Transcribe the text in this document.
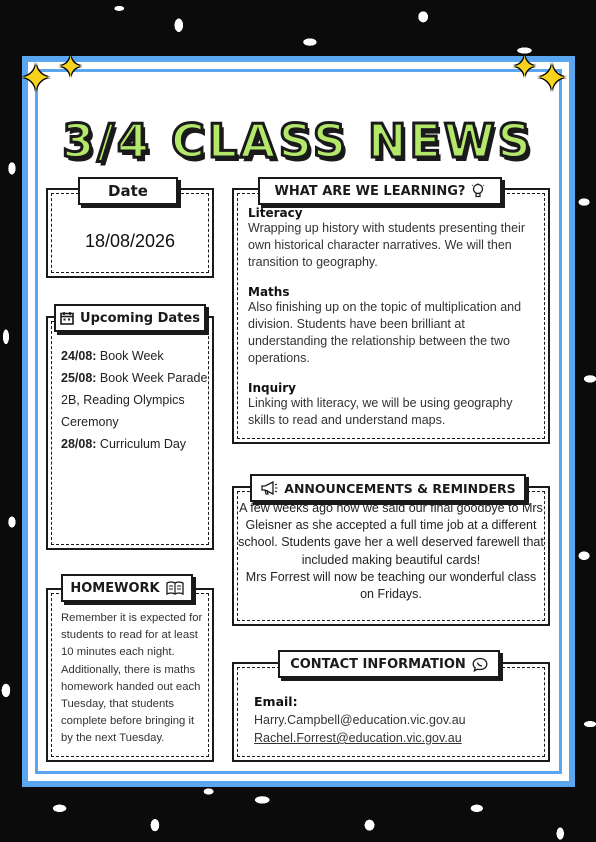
✦ ✦	✦
✦
3/4 CLASS NEWS
Date
18/08/2026
Upcoming Dates
24/08: Book Week
25/08: Book Week Parade 2B, Reading Olympics Ceremony
28/08: Curriculum Day
HOMEWORK
Remember it is expected for students to read for at least 10 minutes each night. Additionally, there is maths homework handed out each Tuesday, that students complete before bringing it by the next Tuesday.
WHAT ARE WE LEARNING?
Literacy
Wrapping up history with students presenting their own historical character narratives. We will then transition to geography.
Maths
Also finishing up on the topic of multiplication and division. Students have been brilliant at understanding the relationship between the two operations.
Inquiry
Linking with literacy, we will be using geography skills to read and understand maps.
ANNOUNCEMENTS & REMINDERS
A few weeks ago now we said our final goodbye to Mrs Gleisner as she accepted a full time job at a different school. Students gave her a well deserved farewell that included making beautiful cards!
Mrs Forrest will now be teaching our wonderful class on Fridays.
CONTACT INFORMATION
Email:
Harry.Campbell@education.vic.gov.au
Rachel.Forrest@education.vic.gov.au
